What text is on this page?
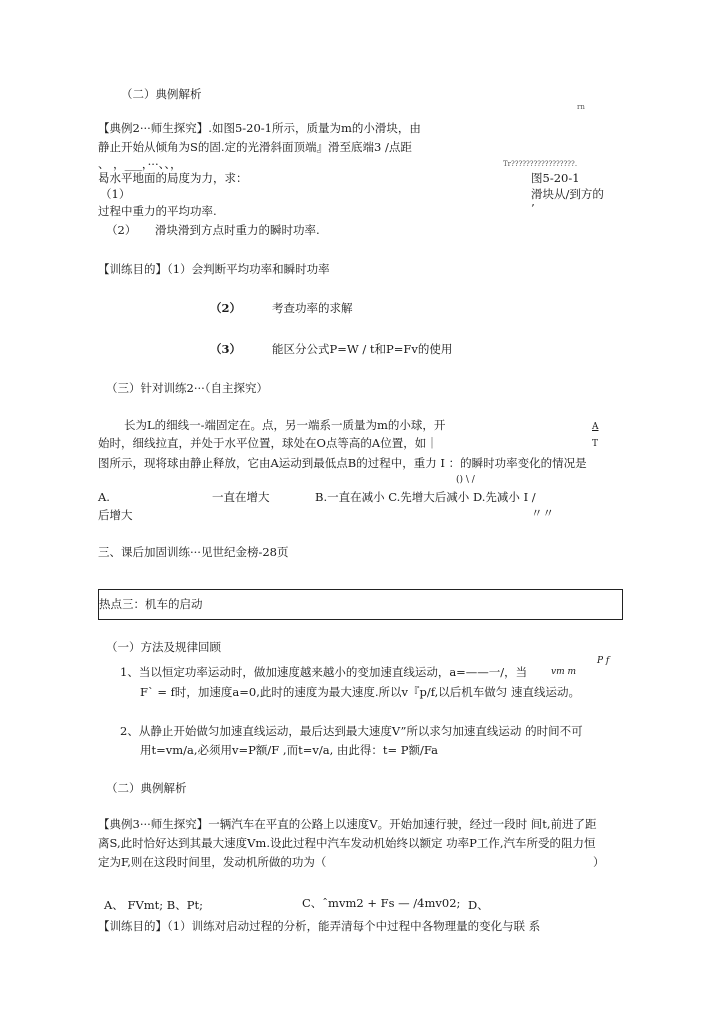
（二）典例解析
rn
【典例2···师生探究】.如图5-20-1所示，质量为m的小滑块，由
静止开始从倾角为S的固.定的光滑斜面顶端』滑至底端3 /点距
、 ，___，···、、，	Tr?????????????????.
曷水平地面的局度为力，求：	图5-20-1
（1）	滑块从/到方的
’
过程中重力的平均功率.
（2） 滑块滑到方点时重力的瞬时功率.
【训练目的】（1）会判断平均功率和瞬时功率
（2）	考查功率的求解
（3）	能区分公式P=W / t和P=Fv的使用
（三）针对训练2···（自主探究）
长为L的细线一-端固定在。点，另一端系一质量为m的小球，开	A
始时，细线拉直，并处于水平位置，球处在O点等高的A位置，如｜	T
图所示，现将球由静止释放，它由A运动到最低点B的过程中，重力 I ：的瞬时功率变化的情况是
() \ /
A.	一直在增大	B.一直在减小 C.先增大后减小 D.先减小 I /
后增大	〃〃
三、课后加固训练···见世纪金榜-28页
热点三：机车的启动
（一）方法及规律回顾
P f
1、当以恒定功率运动时，做加速度越来越小的变加速直线运动，a=——一/，当	vm m
F` = f时，加速度a=0,此时的速度为最大速度.所以v『p/f,以后机车做匀 速直线运动。
2、从静止开始做匀加速直线运动，最后达到最大速度V”所以求匀加速直线运动 的时间不可
用t=vm/a,必须用v=P额/F ,而t=v/a, 由此得：t= P额/Fa
（二）典例解析
【典例3···师生探究】一辆汽车在平直的公路上以速度V。开始加速行驶，经过一段时 间t,前进了距
离S,此时恰好达到其最大速度Vm.设此过程中汽车发动机始终以额定 功率P工作,汽车所受的阻力恒
定为F,则在这段时间里，发动机所做的功为（	）
A、 FVmt; B、Pt;	C、ˆmvm2 + Fs — /4mv02; D、
【训练目的】（1）训练对启动过程的分析，能弄清每个中过程中各物理量的变化与联 系
